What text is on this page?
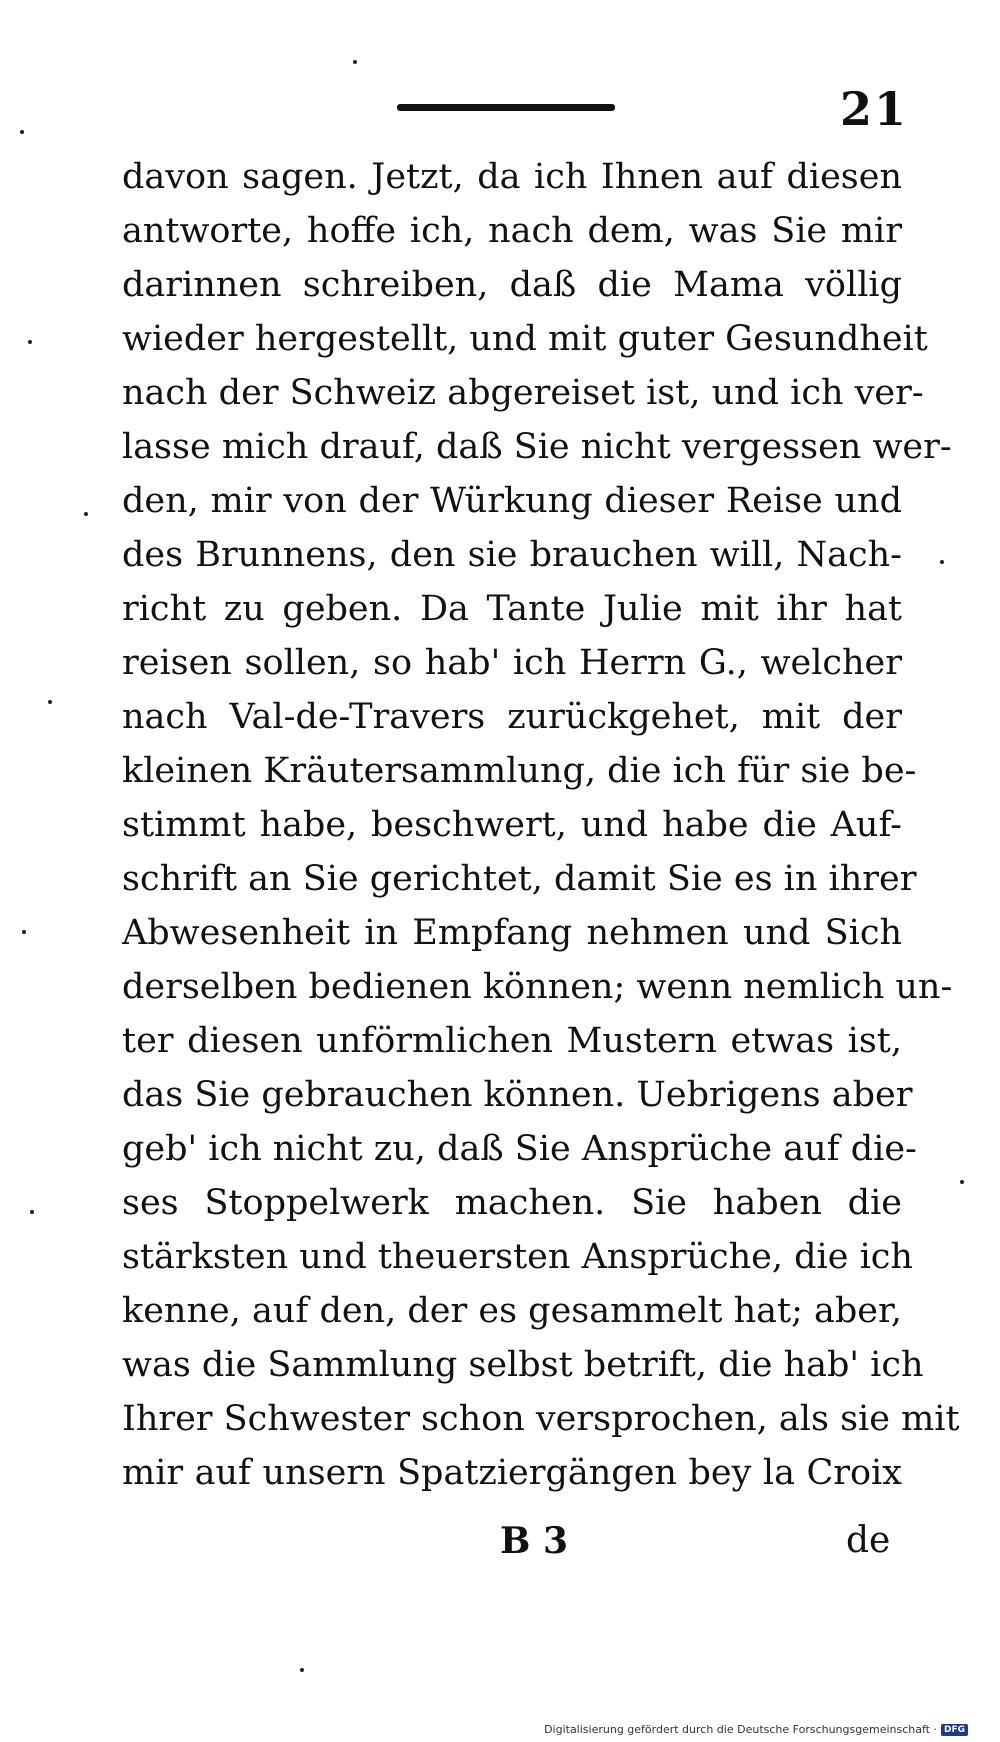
21
davon sagen. Jetzt, da ich Ihnen auf diesen
antworte, hoffe ich, nach dem, was Sie mir
darinnen schreiben, daß die Mama völlig
wieder hergestellt, und mit guter Gesundheit
nach der Schweiz abgereiset ist, und ich ver-
lasse mich drauf, daß Sie nicht vergessen wer-
den, mir von der Würkung dieser Reise und
des Brunnens, den sie brauchen will, Nach-
richt zu geben. Da Tante Julie mit ihr hat
reisen sollen, so hab' ich Herrn G., welcher
nach Val-de-Travers zurückgehet, mit der
kleinen Kräutersammlung, die ich für sie be-
stimmt habe, beschwert, und habe die Auf-
schrift an Sie gerichtet, damit Sie es in ihrer
Abwesenheit in Empfang nehmen und Sich
derselben bedienen können; wenn nemlich un-
ter diesen unförmlichen Mustern etwas ist,
das Sie gebrauchen können. Uebrigens aber
geb' ich nicht zu, daß Sie Ansprüche auf die-
ses Stoppelwerk machen. Sie haben die
stärksten und theuersten Ansprüche, die ich
kenne, auf den, der es gesammelt hat; aber,
was die Sammlung selbst betrift, die hab' ich
Ihrer Schwester schon versprochen, als sie mit
mir auf unsern Spatziergängen bey la Croix
B 3	de
Digitalisierung gefördert durch die Deutsche Forschungsgemeinschaft · DFG
